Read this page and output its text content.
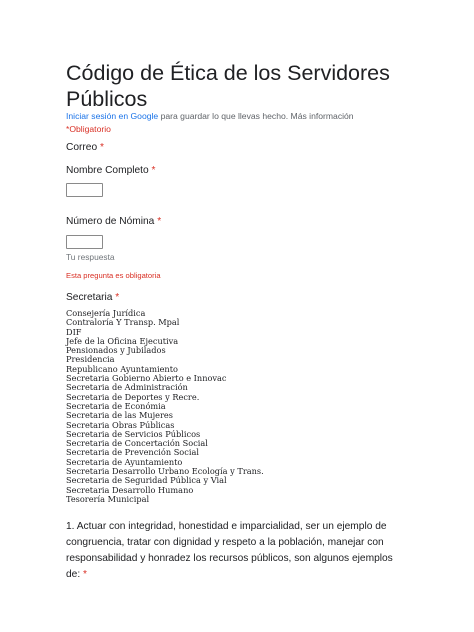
Código de Ética de los Servidores Públicos
Iniciar sesión en Google para guardar lo que llevas hecho. Más información
*Obligatorio
Correo *
Nombre Completo *
Número de Nómina *
Tu respuesta
Esta pregunta es obligatoria
Secretaria *
Consejería Jurídica
Contraloría Y Transp. Mpal
DIF
Jefe de la Oficina Ejecutiva
Pensionados y Jubilados
Presidencia
Republicano Ayuntamiento
Secretaria Gobierno Abierto e Innovac
Secretaria de Administración
Secretaria de Deportes y Recre.
Secretaria de Económia
Secretaria de las Mujeres
Secretaria Obras Públicas
Secretaria de Servicios Públicos
Secretaria de Concertación Social
Secretaria de Prevención Social
Secretaria de Ayuntamiento
Secretaria Desarrollo Urbano Ecología y Trans.
Secretaria de Seguridad Pública y Vial
Secretaria Desarrollo Humano
Tesorería Municipal
1. Actuar con integridad, honestidad e imparcialidad, ser un ejemplo de congruencia, tratar con dignidad y respeto a la población, manejar con responsabilidad y honradez los recursos públicos, son algunos ejemplos de: *
